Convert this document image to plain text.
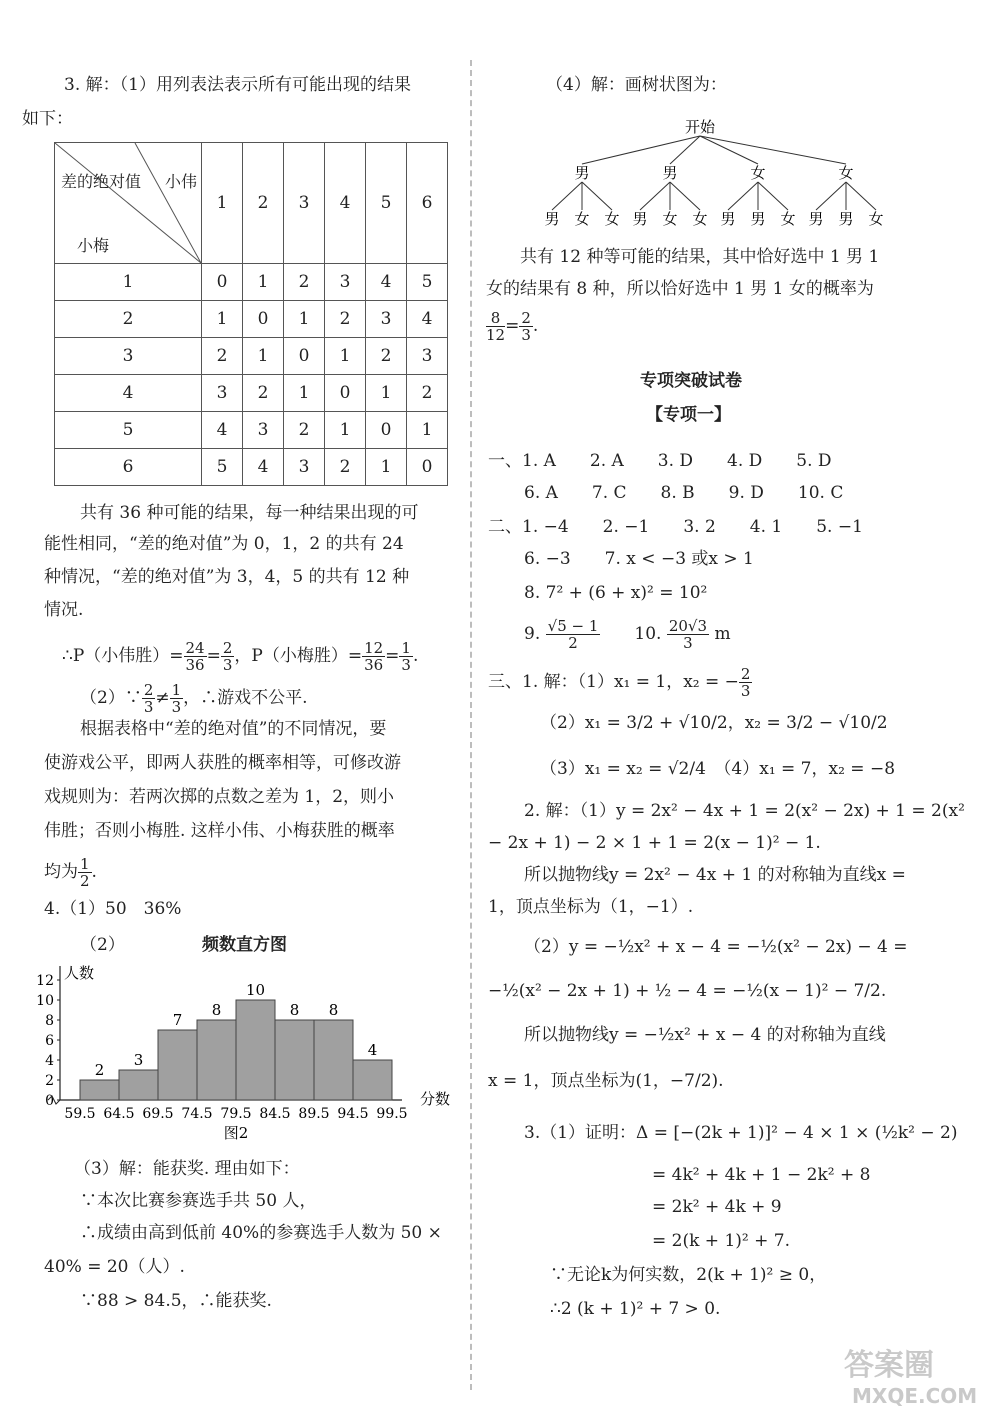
3. 解：（1）用列表法表示所有可能出现的结果
如下：
小伟
差的绝对值
小梅	1	2	3	4	5	6
1	0	1	2	3	4	5
2	1	0	1	2	3	4
3	2	1	0	1	2	3
4	3	2	1	0	1	2
5	4	3	2	1	0	1
6	5	4	3	2	1	0
共有 36 种可能的结果，每一种结果出现的可
能性相同，“差的绝对值”为 0，1，2 的共有 24
种情况，“差的绝对值”为 3，4，5 的共有 12 种
情况.
∴P（小伟胜）= $\frac{24}{36} = \frac{2}{3}$ ，P（小梅胜）= $\frac{12}{36} = \frac{1}{3}$ .
（2）∵ $\frac{2}{3} \ne \frac{1}{3}$ ，∴游戏不公平.
根据表格中“差的绝对值”的不同情况，要
使游戏公平，即两人获胜的概率相等，可修改游
戏规则为：若两次掷的点数之差为 1，2，则小
伟胜；否则小梅胜. 这样小伟、小梅获胜的概率
均为 $\frac{1}{2}$ .
4.（1）50　36%
（2）	频数直方图
0
2
4
6
8
10
12 人数
2
3
7
8
10
8 8
4
59.5 64.5 69.5 74.5 79.5 84.5 89.5 94.5 99.5
分数
图2
（3）解：能获奖. 理由如下：
∵本次比赛参赛选手共 50 人，
∴成绩由高到低前 40%的参赛选手人数为 50 ×
40% = 20（人）.
∵88 > 84.5，∴能获奖.
（4）解：画树状图为：
开始
男	男	女	女
男 女 女 男 女 女 男 男 女 男 男 女
共有 12 种等可能的结果，其中恰好选中 1 男 1
女的结果有 8 种，所以恰好选中 1 男 1 女的概率为
$\frac{8}{12} = \frac{2}{3}$ .
专项突破试卷
【专项一】
一、1. A　　2. A　　3. D　　4. D　　5. D
6. A　　7. C　　8. B　　9. D　　10. C
二、1. −4　　2. −1　　3. 2　　4. 1　　5. −1
6. −3　　7. x < −3 或x > 1
8. 7² + (6 + x)² = 10²
9. $\frac{√5 - 1}{2}$ 　　10. $\frac{20√3}{3}$ m
三、1. 解：（1）x₁ = 1，x₂ = − $\frac{2}{3}$
（2）x₁ = 3/2 + √10/2，x₂ = 3/2 − √10/2
（3）x₁ = x₂ = √2/4　（4）x₁ = 7，x₂ = −8
2. 解：（1）y = 2x² − 4x + 1 = 2(x² − 2x) + 1 = 2(x²
− 2x + 1) − 2 × 1 + 1 = 2(x − 1)² − 1.
所以抛物线y = 2x² − 4x + 1 的对称轴为直线x =
1，顶点坐标为（1，−1）.
（2）y = −½x² + x − 4 = −½(x² − 2x) − 4 =
−½(x² − 2x + 1) + ½ − 4 = −½(x − 1)² − 7/2.
所以抛物线y = −½x² + x − 4 的对称轴为直线
x = 1，顶点坐标为(1，−7/2).
3.（1）证明：Δ = [−(2k + 1)]² − 4 × 1 × (½k² − 2)
= 4k² + 4k + 1 − 2k² + 8
= 2k² + 4k + 9
= 2(k + 1)² + 7.
∵无论k为何实数，2(k + 1)² ≥ 0，
∴2 (k + 1)² + 7 > 0.
答案圈
MXQE.COM
